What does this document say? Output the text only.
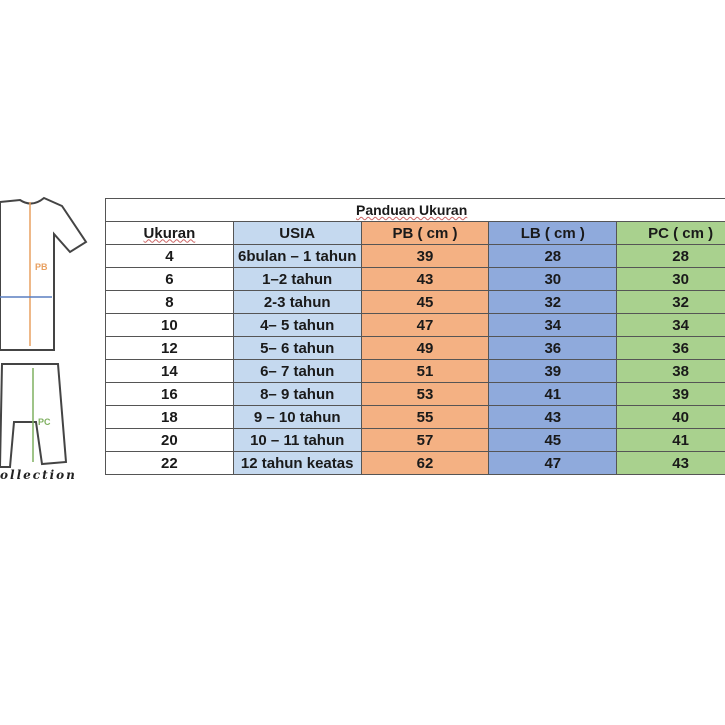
PB
PC
ollection
Panduan Ukuran				
Ukuran	USIA	PB ( cm )	LB ( cm )	PC ( cm )
4	6bulan – 1 tahun	39	28	28
6	1–2 tahun	43	30	30
8	2-3 tahun	45	32	32
10	4– 5 tahun	47	34	34
12	5– 6 tahun	49	36	36
14	6– 7 tahun	51	39	38
16	8– 9 tahun	53	41	39
18	9 – 10 tahun	55	43	40
20	10 – 11 tahun	57	45	41
22	12 tahun keatas	62	47	43
